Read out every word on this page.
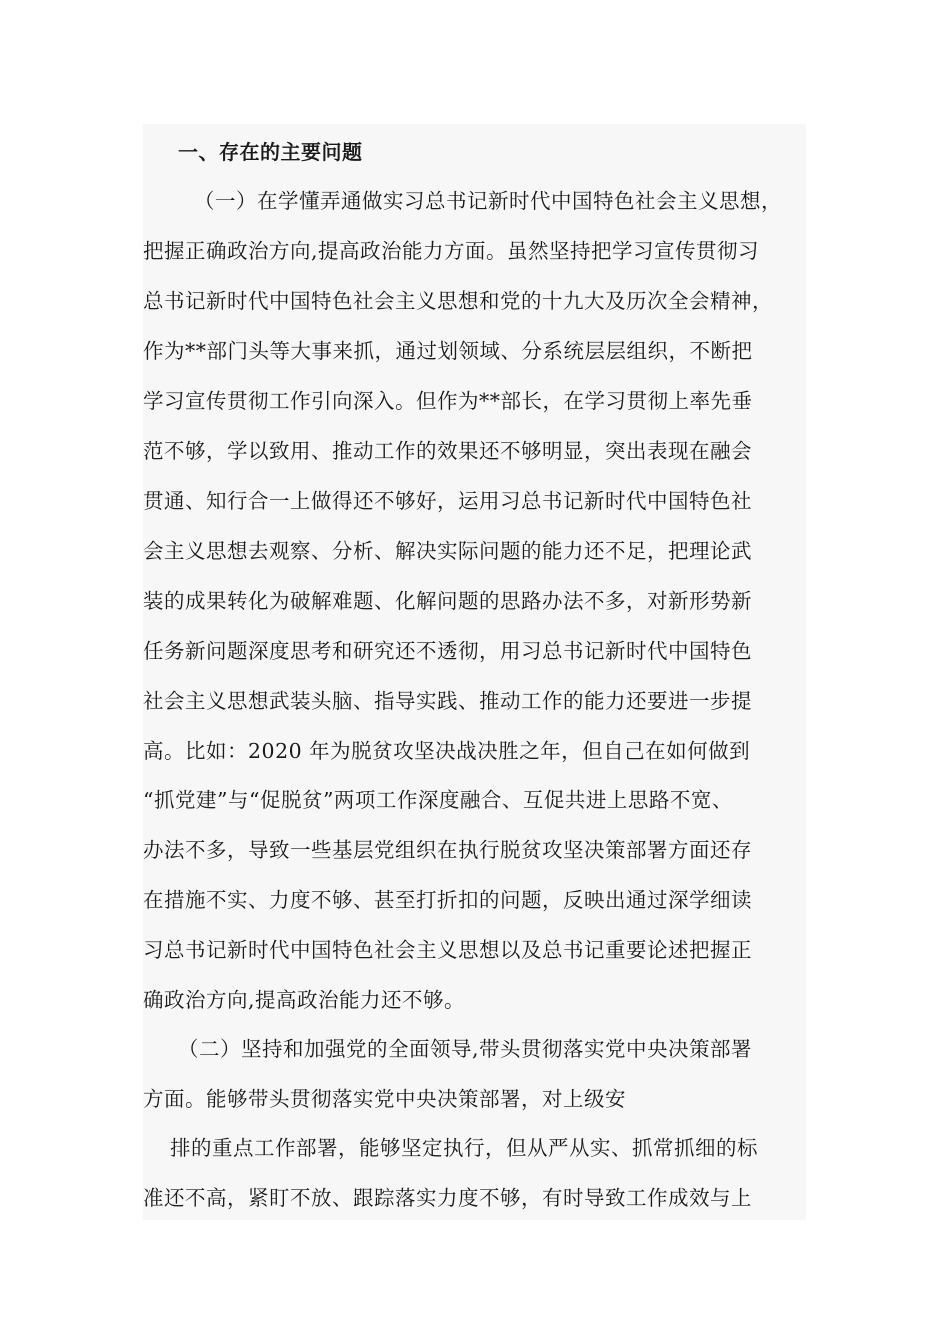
一、存在的主要问题
（一）在学懂弄通做实习总书记新时代中国特色社会主义思想，
把握正确政治方向,提高政治能力方面。虽然坚持把学习宣传贯彻习
总书记新时代中国特色社会主义思想和党的十九大及历次全会精神，
作为**部门头等大事来抓，通过划领域、分系统层层组织，不断把
学习宣传贯彻工作引向深入。但作为**部长，在学习贯彻上率先垂
范不够，学以致用、推动工作的效果还不够明显，突出表现在融会
贯通、知行合一上做得还不够好，运用习总书记新时代中国特色社
会主义思想去观察、分析、解决实际问题的能力还不足，把理论武
装的成果转化为破解难题、化解问题的思路办法不多，对新形势新
任务新问题深度思考和研究还不透彻，用习总书记新时代中国特色
社会主义思想武装头脑、指导实践、推动工作的能力还要进一步提
高。比如：2020 年为脱贫攻坚决战决胜之年，但自己在如何做到
“抓党建”与“促脱贫”两项工作深度融合、互促共进上思路不宽、
办法不多，导致一些基层党组织在执行脱贫攻坚决策部署方面还存
在措施不实、力度不够、甚至打折扣的问题，反映出通过深学细读
习总书记新时代中国特色社会主义思想以及总书记重要论述把握正
确政治方向,提高政治能力还不够。
（二）坚持和加强党的全面领导,带头贯彻落实党中央决策部署
方面。能够带头贯彻落实党中央决策部署，对上级安
排的重点工作部署，能够坚定执行，但从严从实、抓常抓细的标
准还不高，紧盯不放、跟踪落实力度不够，有时导致工作成效与上
